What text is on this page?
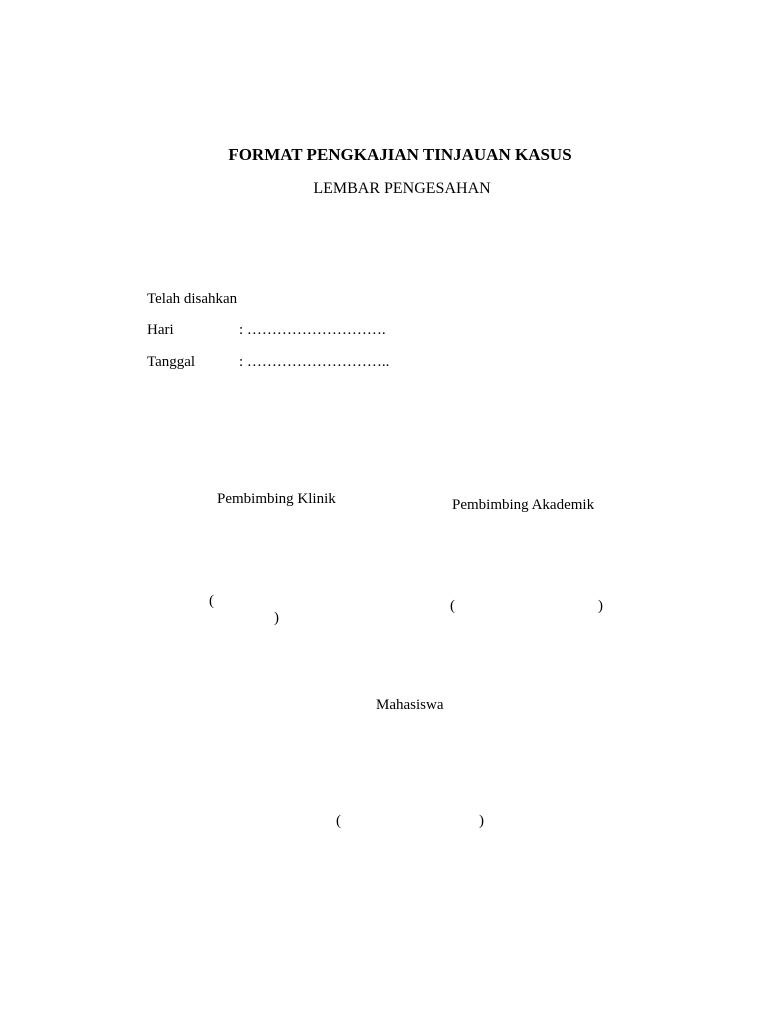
FORMAT PENGKAJIAN TINJAUAN KASUS
LEMBAR PENGESAHAN
Telah disahkan
Hari	: ……………………….
Tanggal	: ………………………..
Pembimbing Klinik
(
)
Pembimbing Akademik
(	)
Mahasiswa
(	)
